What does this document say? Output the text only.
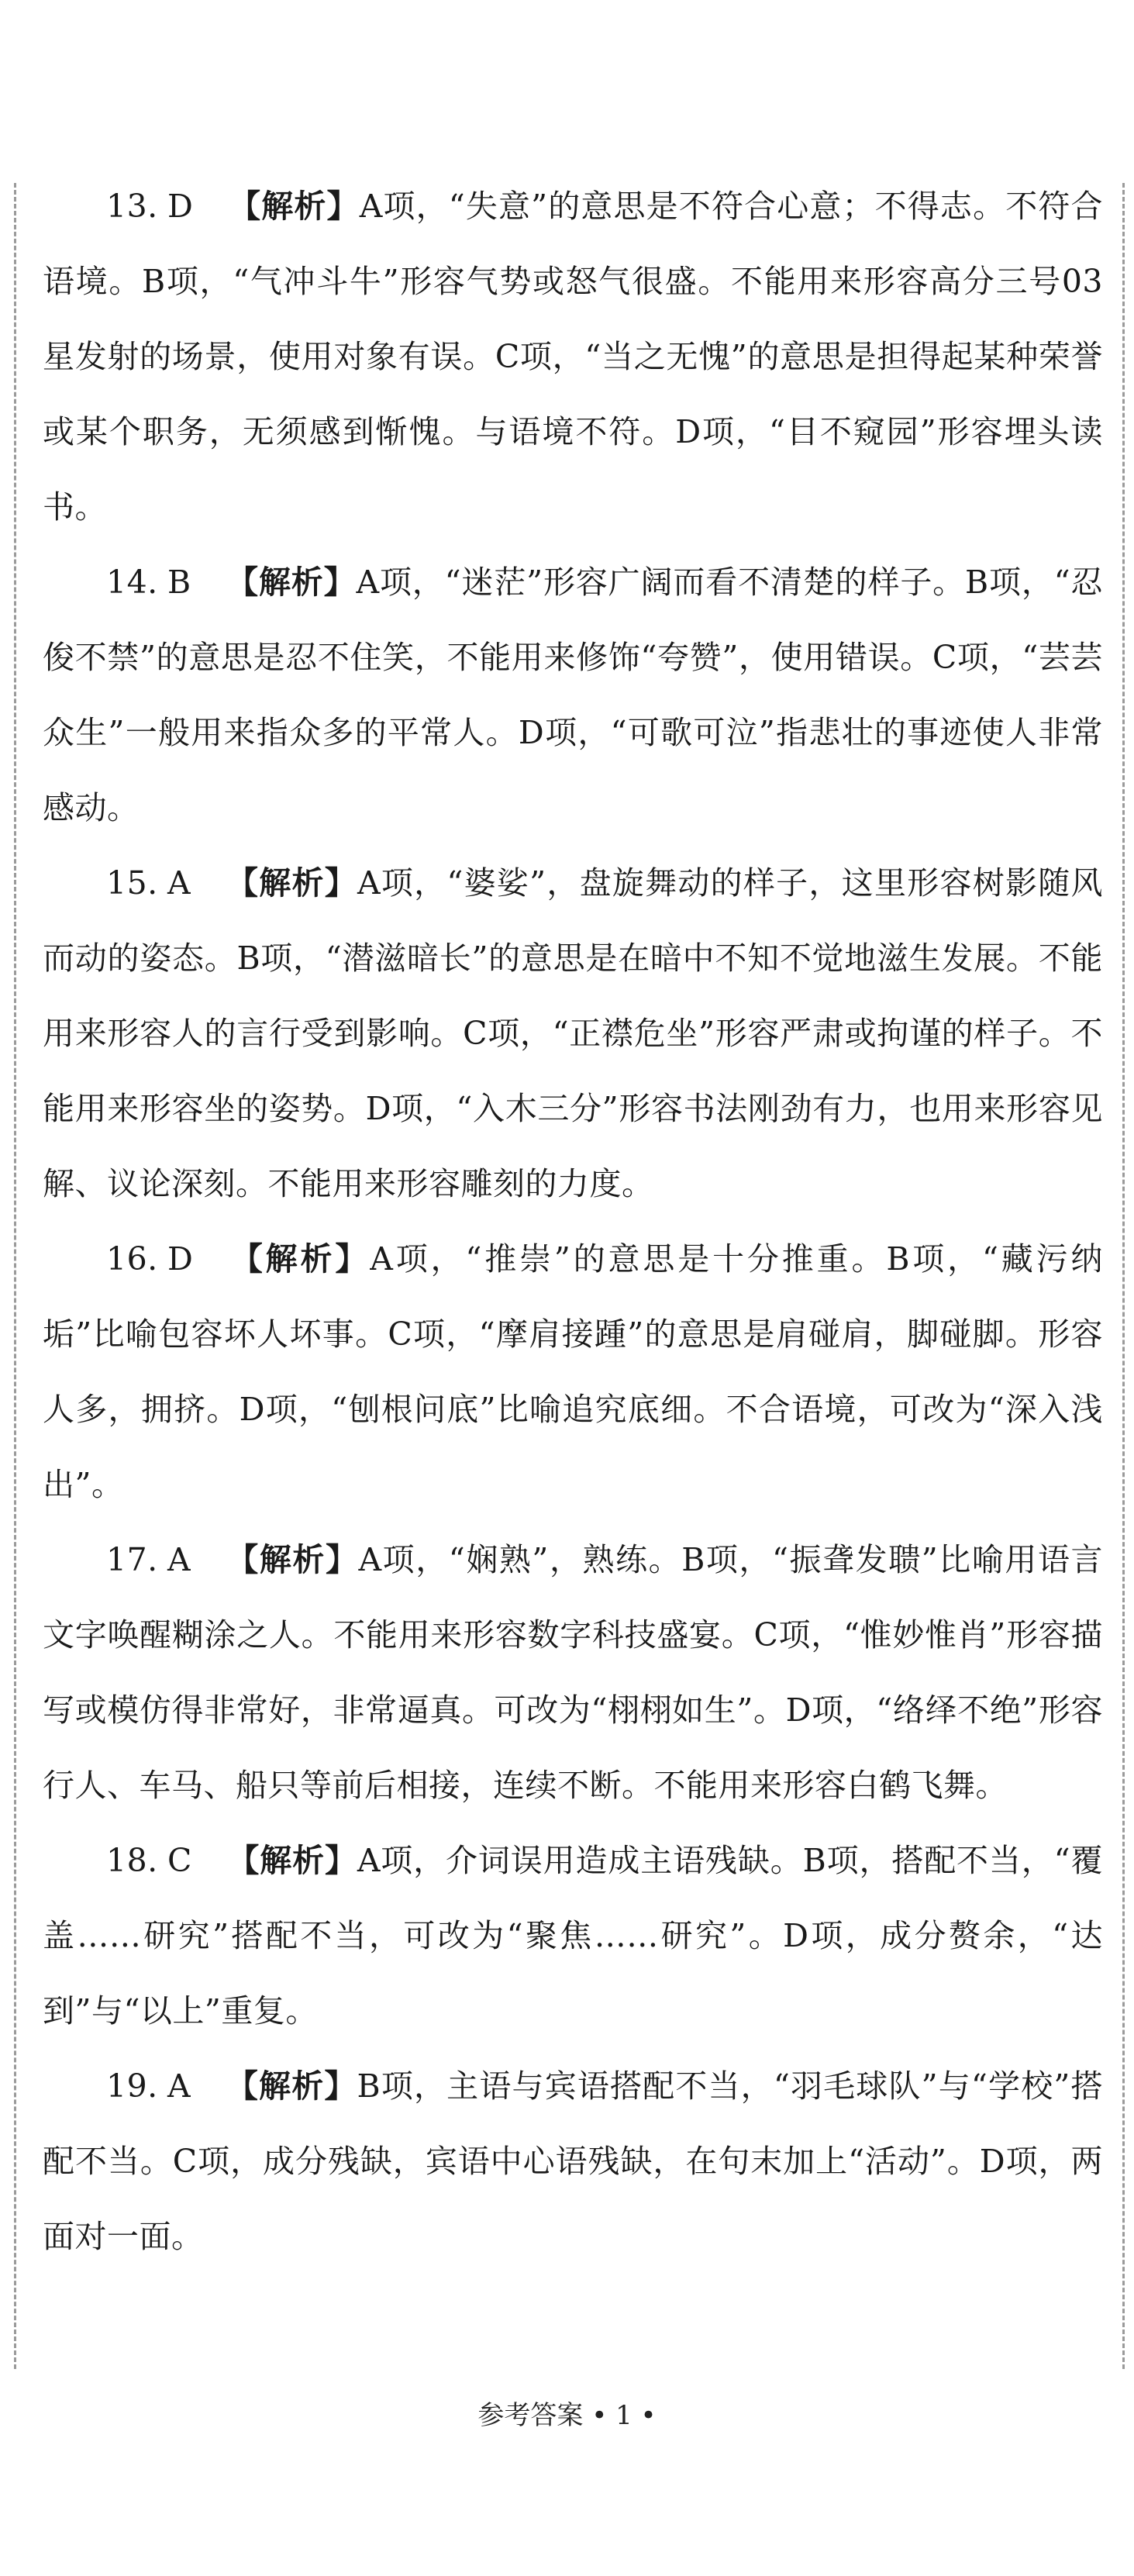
13. D 【解析】A项，“失意”的意思是不符合心意；不得志。不符合语境。B项，“气冲斗牛”形容气势或怒气很盛。不能用来形容高分三号03星发射的场景，使用对象有误。C项，“当之无愧”的意思是担得起某种荣誉或某个职务，无须感到惭愧。与语境不符。D项，“目不窥园”形容埋头读书。

14. B 【解析】A项，“迷茫”形容广阔而看不清楚的样子。B项，“忍俊不禁”的意思是忍不住笑，不能用来修饰“夸赞”，使用错误。C项，“芸芸众生”一般用来指众多的平常人。D项，“可歌可泣”指悲壮的事迹使人非常感动。

15. A 【解析】A项，“婆娑”，盘旋舞动的样子，这里形容树影随风而动的姿态。B项，“潜滋暗长”的意思是在暗中不知不觉地滋生发展。不能用来形容人的言行受到影响。C项，“正襟危坐”形容严肃或拘谨的样子。不能用来形容坐的姿势。D项，“入木三分”形容书法刚劲有力，也用来形容见解、议论深刻。不能用来形容雕刻的力度。

16. D 【解析】A项，“推崇”的意思是十分推重。B项，“藏污纳垢”比喻包容坏人坏事。C项，“摩肩接踵”的意思是肩碰肩，脚碰脚。形容人多，拥挤。D项，“刨根问底”比喻追究底细。不合语境，可改为“深入浅出”。

17. A 【解析】A项，“娴熟”，熟练。B项，“振聋发聩”比喻用语言文字唤醒糊涂之人。不能用来形容数字科技盛宴。C项，“惟妙惟肖”形容描写或模仿得非常好，非常逼真。可改为“栩栩如生”。D项，“络绎不绝”形容行人、车马、船只等前后相接，连续不断。不能用来形容白鹤飞舞。

18. C 【解析】A项，介词误用造成主语残缺。B项，搭配不当，“覆盖……研究”搭配不当，可改为“聚焦……研究”。D项，成分赘余，“达到”与“以上”重复。

19. A 【解析】B项，主语与宾语搭配不当，“羽毛球队”与“学校”搭配不当。C项，成分残缺，宾语中心语残缺，在句末加上“活动”。D项，两面对一面。

参考答案 • 1 •
